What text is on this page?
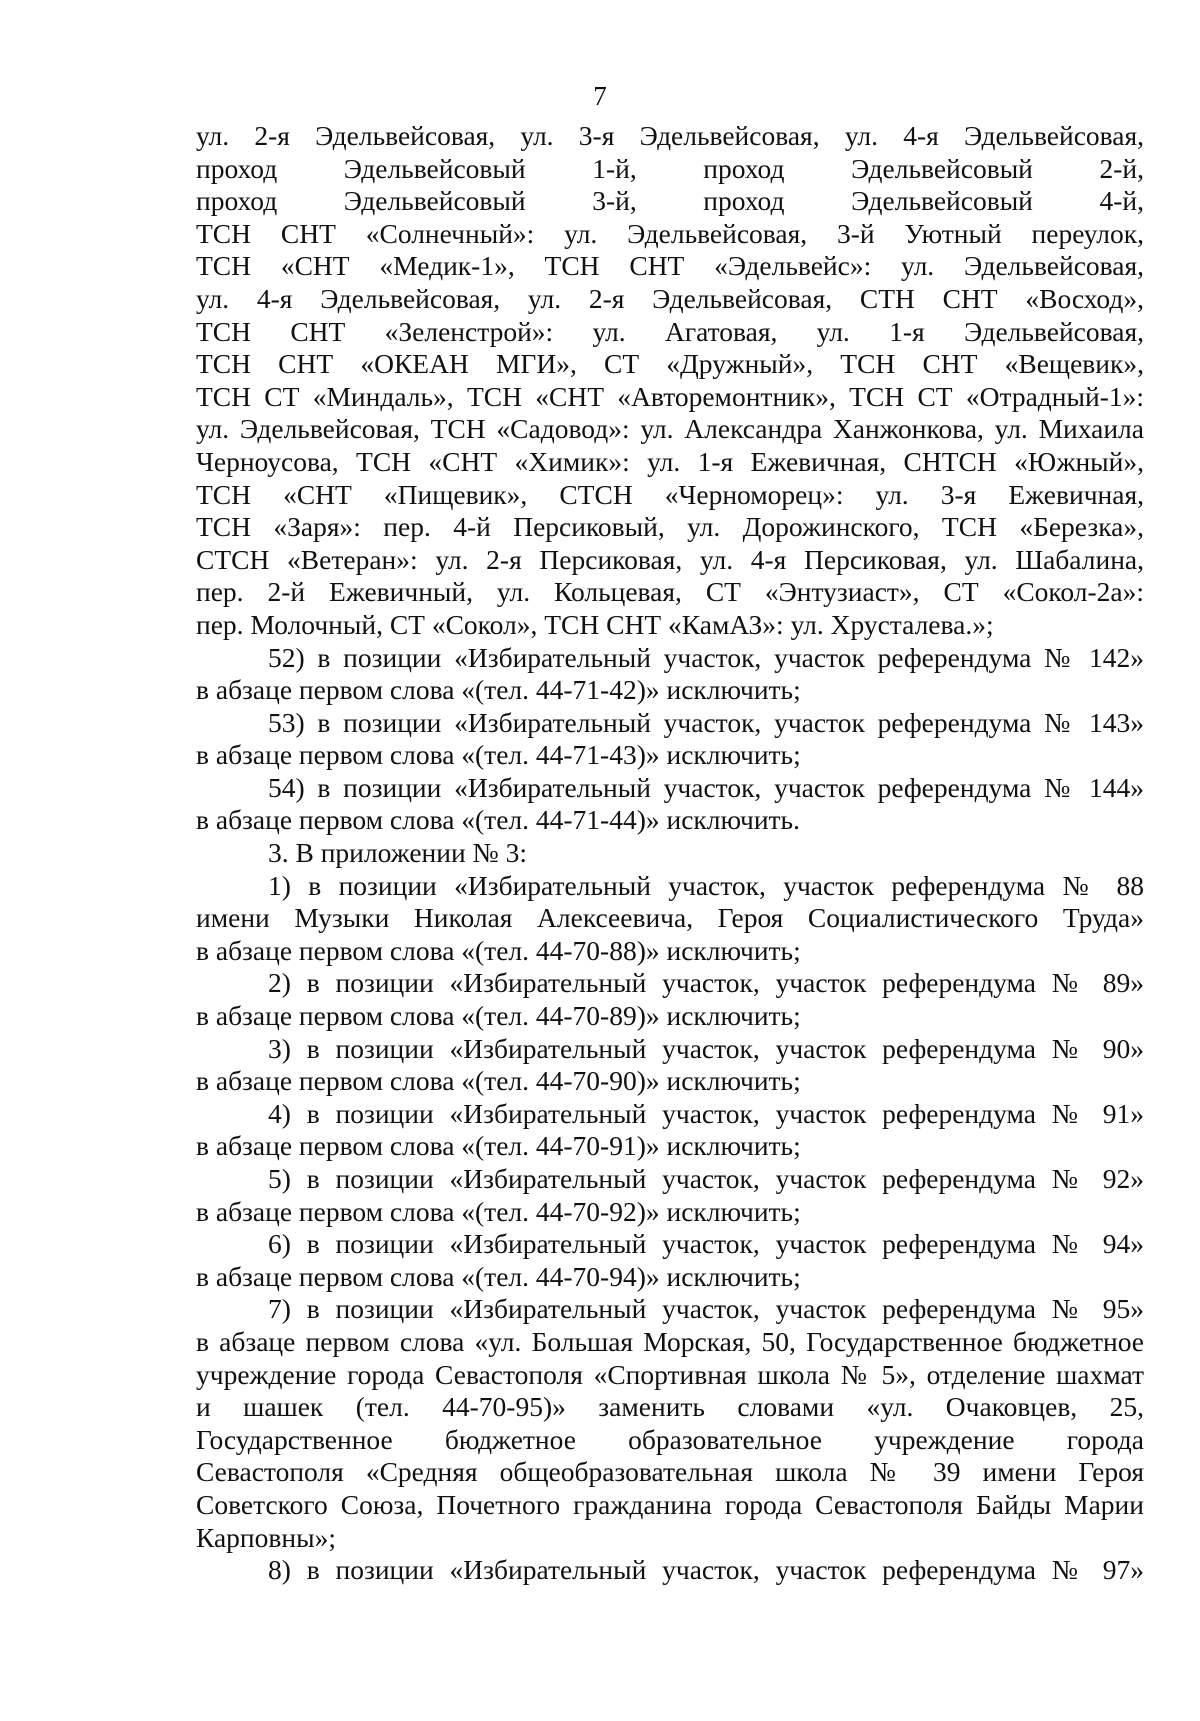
7
ул. 2-я Эдельвейсовая, ул. 3-я Эдельвейсовая, ул. 4-я Эдельвейсовая,
проход Эдельвейсовый 1-й, проход Эдельвейсовый 2-й,
проход Эдельвейсовый 3-й, проход Эдельвейсовый 4-й,
ТСН СНТ «Солнечный»: ул. Эдельвейсовая, 3-й Уютный переулок,
ТСН «СНТ «Медик-1», ТСН СНТ «Эдельвейс»: ул. Эдельвейсовая,
ул. 4-я Эдельвейсовая, ул. 2-я Эдельвейсовая, СТН СНТ «Восход»,
ТСН СНТ «Зеленстрой»: ул. Агатовая, ул. 1-я Эдельвейсовая,
ТСН СНТ «ОКЕАН МГИ», СТ «Дружный», ТСН СНТ «Вещевик»,
ТСН СТ «Миндаль», ТСН «СНТ «Авторемонтник», ТСН СТ «Отрадный-1»:
ул. Эдельвейсовая, ТСН «Садовод»: ул. Александра Ханжонкова, ул. Михаила
Черноусова, ТСН «СНТ «Химик»: ул. 1-я Ежевичная, СНТСН «Южный»,
ТСН «СНТ «Пищевик», СТСН «Черноморец»: ул. 3-я Ежевичная,
ТСН «Заря»: пер. 4-й Персиковый, ул. Дорожинского, ТСН «Березка»,
СТСН «Ветеран»: ул. 2-я Персиковая, ул. 4-я Персиковая, ул. Шабалина,
пер. 2-й Ежевичный, ул. Кольцевая, СТ «Энтузиаст», СТ «Сокол-2а»:
пер. Молочный, СТ «Сокол», ТСН СНТ «КамАЗ»: ул. Хрусталева.»;
52) в позиции «Избирательный участок, участок референдума № 142»
в абзаце первом слова «(тел. 44-71-42)» исключить;
53) в позиции «Избирательный участок, участок референдума № 143»
в абзаце первом слова «(тел. 44-71-43)» исключить;
54) в позиции «Избирательный участок, участок референдума № 144»
в абзаце первом слова «(тел. 44-71-44)» исключить.
3. В приложении № 3:
1) в позиции «Избирательный участок, участок референдума № 88
имени Музыки Николая Алексеевича, Героя Социалистического Труда»
в абзаце первом слова «(тел. 44-70-88)» исключить;
2) в позиции «Избирательный участок, участок референдума № 89»
в абзаце первом слова «(тел. 44-70-89)» исключить;
3) в позиции «Избирательный участок, участок референдума № 90»
в абзаце первом слова «(тел. 44-70-90)» исключить;
4) в позиции «Избирательный участок, участок референдума № 91»
в абзаце первом слова «(тел. 44-70-91)» исключить;
5) в позиции «Избирательный участок, участок референдума № 92»
в абзаце первом слова «(тел. 44-70-92)» исключить;
6) в позиции «Избирательный участок, участок референдума № 94»
в абзаце первом слова «(тел. 44-70-94)» исключить;
7) в позиции «Избирательный участок, участок референдума № 95»
в абзаце первом слова «ул. Большая Морская, 50, Государственное бюджетное
учреждение города Севастополя «Спортивная школа № 5», отделение шахмат
и шашек (тел. 44-70-95)» заменить словами «ул. Очаковцев, 25,
Государственное бюджетное образовательное учреждение города
Севастополя «Средняя общеобразовательная школа № 39 имени Героя
Советского Союза, Почетного гражданина города Севастополя Байды Марии
Карповны»;
8) в позиции «Избирательный участок, участок референдума № 97»
